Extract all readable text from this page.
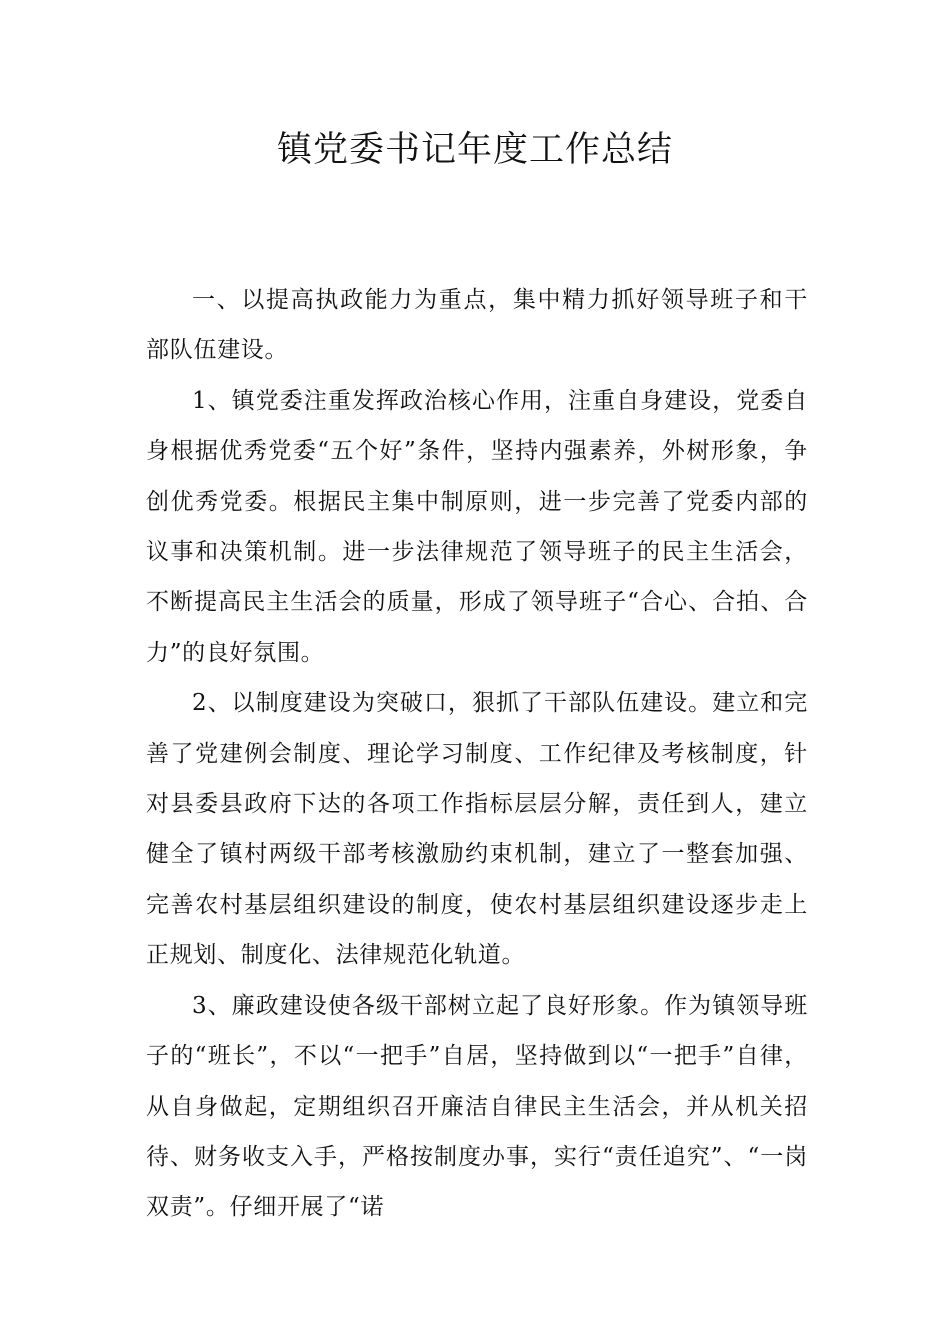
镇党委书记年度工作总结

一、以提高执政能力为重点，集中精力抓好领导班子和干部队伍建设。

1、镇党委注重发挥政治核心作用，注重自身建设，党委自身根据优秀党委“五个好”条件，坚持内强素养，外树形象，争创优秀党委。根据民主集中制原则，进一步完善了党委内部的议事和决策机制。进一步法律规范了领导班子的民主生活会，不断提高民主生活会的质量，形成了领导班子“合心、合拍、合力”的良好氛围。

2、以制度建设为突破口，狠抓了干部队伍建设。建立和完善了党建例会制度、理论学习制度、工作纪律及考核制度，针对县委县政府下达的各项工作指标层层分解，责任到人，建立健全了镇村两级干部考核激励约束机制，建立了一整套加强、完善农村基层组织建设的制度，使农村基层组织建设逐步走上正规划、制度化、法律规范化轨道。

3、廉政建设使各级干部树立起了良好形象。作为镇领导班子的“班长”，不以“一把手”自居，坚持做到以“一把手”自律，从自身做起，定期组织召开廉洁自律民主生活会，并从机关招待、财务收支入手，严格按制度办事，实行“责任追究”、“一岗双责”。仔细开展了“诺
